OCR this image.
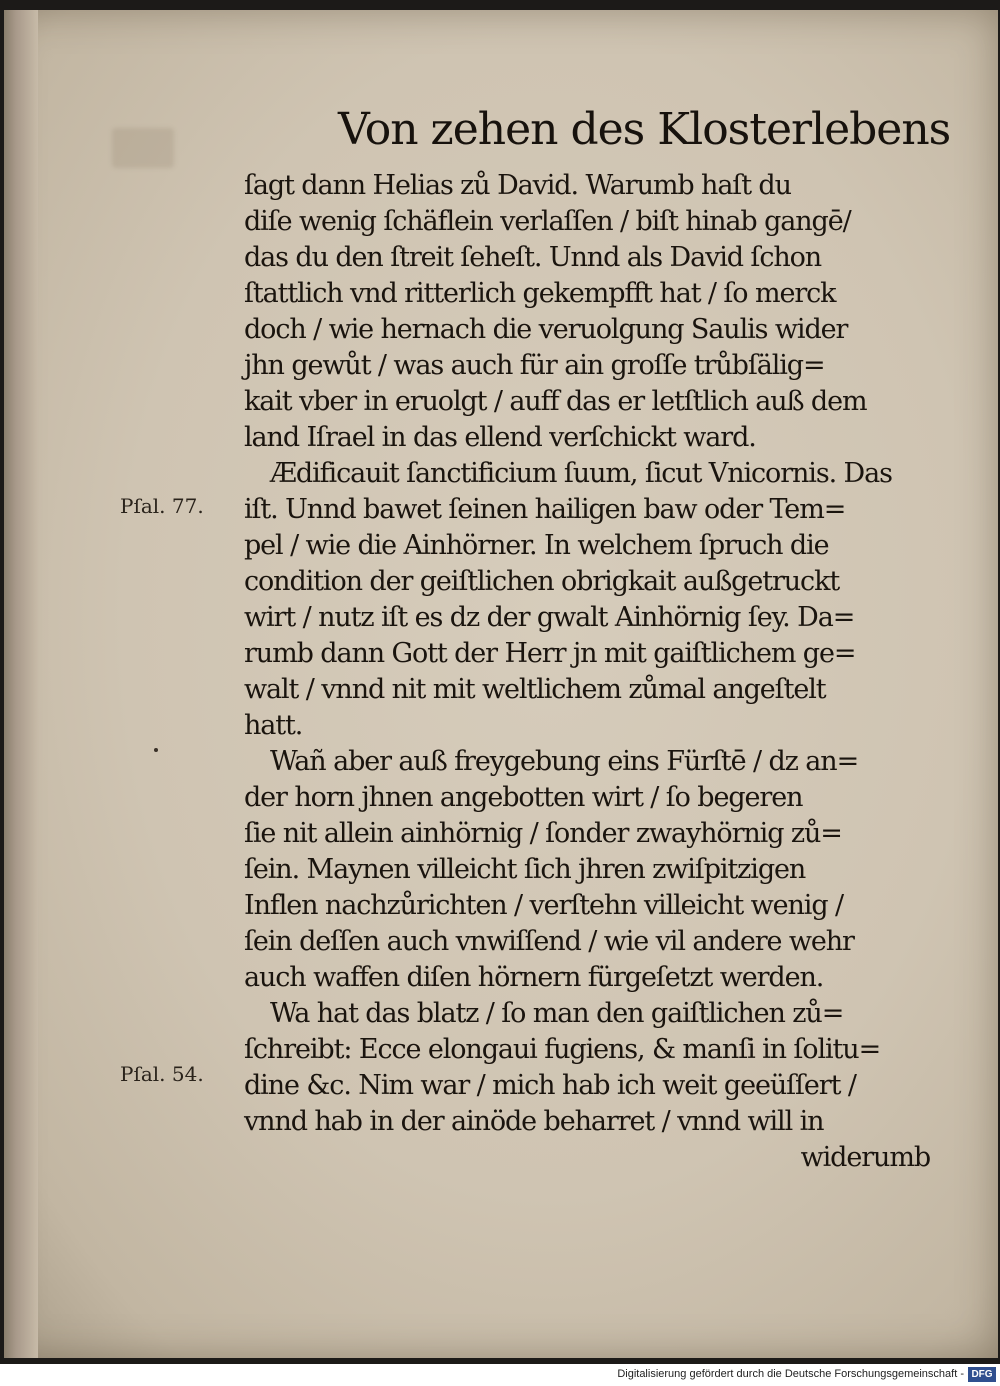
Von zehen des Klosterlebens
ſagt dann Helias zů David. Warumb haſt du
diſe wenig ſchäflein verlaſſen / biſt hinab gangē/
das du den ſtreit ſeheſt. Unnd als David ſchon
ſtattlich vnd ritterlich gekempfft hat / ſo merck
doch / wie hernach die veruolgung Saulis wider
jhn gewůt / was auch für ain groſſe trůbſälig=
kait vber in eruolgt / auff das er letſtlich auß dem
land Iſrael in das ellend verſchickt ward.
Ædificauit ſanctificium ſuum, ſicut Vnicornis. Das
iſt. Unnd bawet ſeinen hailigen baw oder Tem=
pel / wie die Ainhörner. In welchem ſpruch die
condition der geiſtlichen obrigkait außgetruckt
wirt / nutz iſt es dz der gwalt Ainhörnig ſey. Da=
rumb dann Gott der Herr jn mit gaiſtlichem ge=
walt / vnnd nit mit weltlichem zůmal angeſtelt
hatt.
Wañ aber auß freygebung eins Fürſtē / dz an=
der horn jhnen angebotten wirt / ſo begeren
ſie nit allein ainhörnig / ſonder zwayhörnig zů=
ſein. Maynen villeicht ſich jhren zwiſpitzigen
Inflen nachzůrichten / verſtehn villeicht wenig /
ſein deſſen auch vnwiſſend / wie vil andere wehr
auch waffen diſen hörnern fürgeſetzt werden.
Wa hat das blatz / ſo man den gaiſtlichen zů=
ſchreibt: Ecce elongaui fugiens, & manſi in ſolitu=
dine &c. Nim war / mich hab ich weit geeüſſert /
vnnd hab in der ainöde beharret / vnnd will in
widerumb
Pſal. 77.
Pſal. 54.
Digitalisierung gefördert durch die Deutsche Forschungsgemeinschaft - DFG
